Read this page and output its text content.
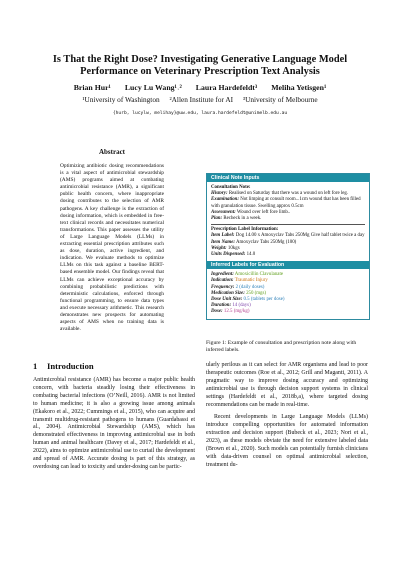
Is That the Right Dose? Investigating Generative Language Model
Performance on Veterinary Prescription Text Analysis
Brian Hur¹ Lucy Lu Wang¹˒² Laura Hardefeldt³ Meliha Yetisgen¹
¹University of Washington ²Allen Institute for AI ³University of Melbourne
{hurb, lucylw, melihay}@uw.edu, laura.hardefeldt@unimelb.edu.au
Abstract
Optimizing antibiotic dosing recommendations is a vital aspect of antimicrobial stewardship (AMS) programs aimed at combating antimicrobial resistance (AMR), a significant public health concern, where inappropriate dosing contributes to the selection of AMR pathogens. A key challenge is the extraction of dosing information, which is embedded in free-text clinical records and necessitates numerical transformations. This paper assesses the utility of Large Language Models (LLMs) in extracting essential prescription attributes such as dose, duration, active ingredient, and indication. We evaluate methods to optimize LLMs on this task against a baseline BERT-based ensemble model. Our findings reveal that LLMs can achieve exceptional accuracy by combining probabilistic predictions with deterministic calculations, enforced through functional programming, to ensure data types and execute necessary arithmetic. This research demonstrates new prospects for automating aspects of AMS when no training data is available.
Clinical Note Inputs
Consultation Note:
History: Realised on Saturday that there was a wound on left fore leg.
Examination: Not limping at consult room...1cm wound that has been filled with granulation tissue. Swelling approx 0.5cm
Assessment: Wound over left fore limb..
Plan: Recheck in a week.
Prescription Label Information:
Item Label: Dog 14.00 x Amoxyclav Tabs 250Mg Give half tablet twice a day
Item Name: Amoxyclav Tabs 250Mg (100)
Weight: 10kgs
Units Dispensed: 14.0
Inferred Labels for Evaluation
Ingredient: Amoxicillin Clavulanate
Indication: Traumatic Injury
Frequency: 2 (daily doses)
Medication Size: 250 (mgs)
Dose Unit Size: 0.5 (tablets per dose)
Duration: 14 (days)
Dose: 12.5 (mg/kg)
Figure 1: Example of consultation and prescription note along with inferred labels.
1 Introduction

Antimicrobial resistance (AMR) has become a major public health concern, with bacteria steadily losing their effectiveness in combating bacterial infections (O’Neill, 2016). AMR is not limited to human medicine; it is also a growing issue among animals (Ekakoro et al., 2022; Cummings et al., 2015), who can acquire and transmit multidrug-resistant pathogens to humans (Guardabassi et al., 2004). Antimicrobial Stewardship (AMS), which has demonstrated effectiveness in improving antimicrobial use in both human and animal healthcare (Davey et al., 2017; Hardefeldt et al., 2022), aims to optimize antimicrobial use to curtail the development and spread of AMR. Accurate dosing is part of this strategy, as overdosing can lead to toxicity and under-dosing can be partic-

ularly perilous as it can select for AMR organisms and lead to poor therapeutic outcomes (Roe et al., 2012; Grill and Maganti, 2011). A pragmatic way to improve dosing accuracy and optimizing antimicrobial use is through decision support systems in clinical settings (Hardefeldt et al., 2018b,a), where targeted dosing recommendations can be made in real-time.

Recent developments in Large Language Models (LLMs) introduce compelling opportunities for automated information extraction and decision support (Bubeck et al., 2023; Nori et al., 2023), as these models obviate the need for extensive labeled data (Brown et al., 2020). Such models can potentially furnish clinicians with data-driven counsel on optimal antimicrobial selection, treatment du-
